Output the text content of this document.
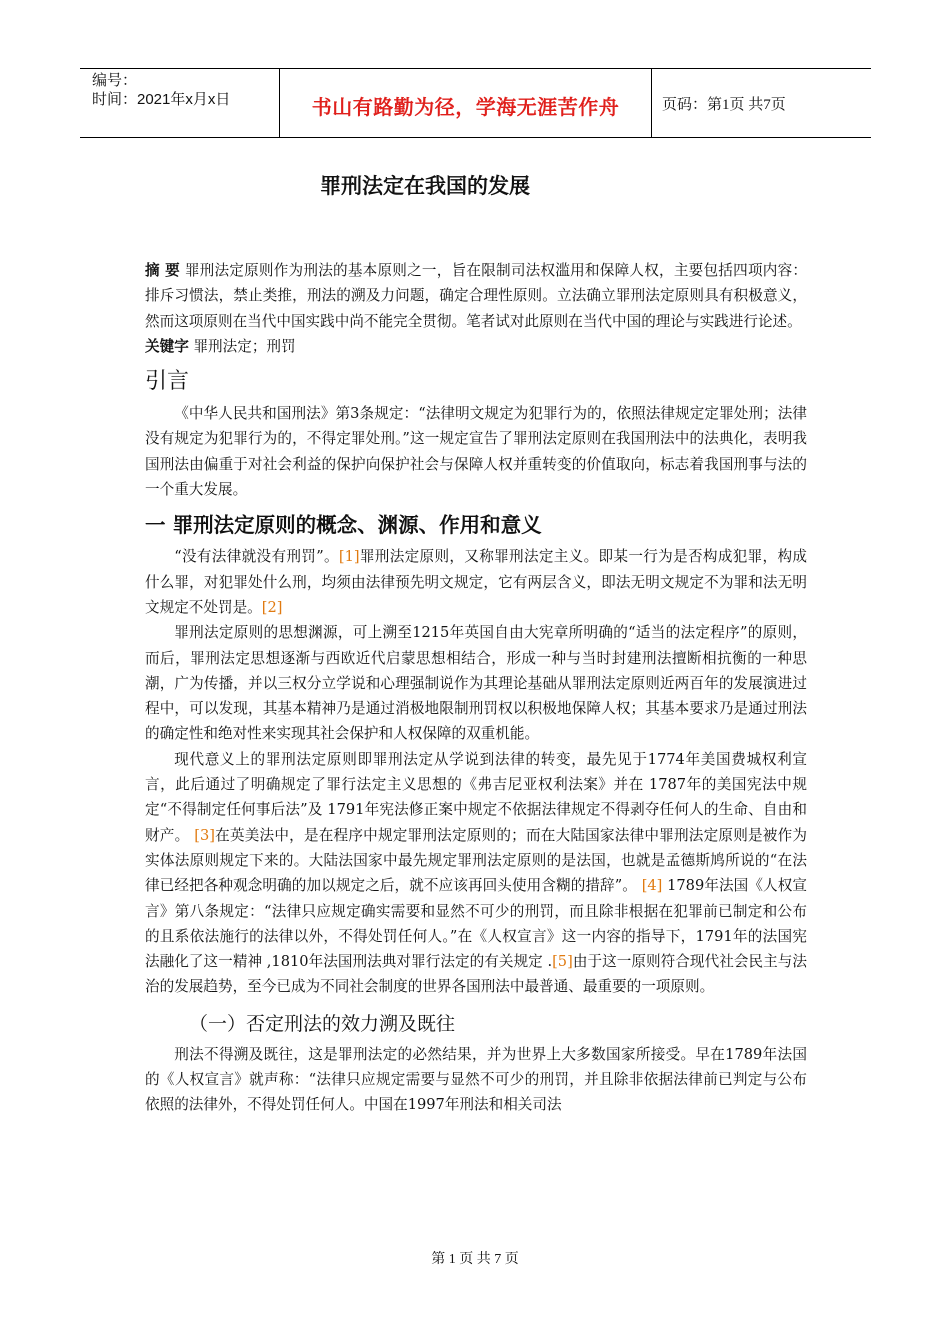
编号：
时间：2021年x月x日	书山有路勤为径，学海无涯苦作舟	页码：第1页 共7页
罪刑法定在我国的发展

摘 要 罪刑法定原则作为刑法的基本原则之一，旨在限制司法权滥用和保障人权，主要包括四项内容：排斥习惯法，禁止类推，刑法的溯及力问题，确定合理性原则。立法确立罪刑法定原则具有积极意义，然而这项原则在当代中国实践中尚不能完全贯彻。笔者试对此原则在当代中国的理论与实践进行论述。

关键字 罪刑法定；刑罚

引言

《中华人民共和国刑法》第3条规定：“法律明文规定为犯罪行为的，依照法律规定定罪处刑；法律没有规定为犯罪行为的，不得定罪处刑。”这一规定宣告了罪刑法定原则在我国刑法中的法典化，表明我国刑法由偏重于对社会利益的保护向保护社会与保障人权并重转变的价值取向，标志着我国刑事与法的一个重大发展。

一 罪刑法定原则的概念、渊源、作用和意义

“没有法律就没有刑罚”。[1]罪刑法定原则，又称罪刑法定主义。即某一行为是否构成犯罪，构成什么罪，对犯罪处什么刑，均须由法律预先明文规定，它有两层含义，即法无明文规定不为罪和法无明文规定不处罚是。[2]

罪刑法定原则的思想渊源，可上溯至1215年英国自由大宪章所明确的“适当的法定程序”的原则，而后，罪刑法定思想逐渐与西欧近代启蒙思想相结合，形成一种与当时封建刑法擅断相抗衡的一种思潮，广为传播，并以三权分立学说和心理强制说作为其理论基础从罪刑法定原则近两百年的发展演进过程中，可以发现，其基本精神乃是通过消极地限制刑罚权以积极地保障人权；其基本要求乃是通过刑法的确定性和绝对性来实现其社会保护和人权保障的双重机能。

现代意义上的罪刑法定原则即罪刑法定从学说到法律的转变，最先见于1774年美国费城权利宣言，此后通过了明确规定了罪行法定主义思想的《弗吉尼亚权利法案》并在 1787年的美国宪法中规定“不得制定任何事后法”及 1791年宪法修正案中规定不依据法律规定不得剥夺任何人的生命、自由和财产。 [3]在英美法中，是在程序中规定罪刑法定原则的；而在大陆国家法律中罪刑法定原则是被作为实体法原则规定下来的。大陆法国家中最先规定罪刑法定原则的是法国，也就是孟德斯鸠所说的“在法律已经把各种观念明确的加以规定之后，就不应该再回头使用含糊的措辞”。 [4] 1789年法国《人权宣言》第八条规定：“法律只应规定确实需要和显然不可少的刑罚，而且除非根据在犯罪前已制定和公布的且系依法施行的法律以外，不得处罚任何人。”在《人权宣言》这一内容的指导下，1791年的法国宪法融化了这一精神 ,1810年法国刑法典对罪行法定的有关规定 .[5]由于这一原则符合现代社会民主与法治的发展趋势，至今已成为不同社会制度的世界各国刑法中最普通、最重要的一项原则。

（一）否定刑法的效力溯及既往

刑法不得溯及既往，这是罪刑法定的必然结果，并为世界上大多数国家所接受。早在1789年法国的《人权宣言》就声称：“法律只应规定需要与显然不可少的刑罚，并且除非依据法律前已判定与公布依照的法律外，不得处罚任何人。中国在1997年刑法和相关司法

第 1 页 共 7 页
